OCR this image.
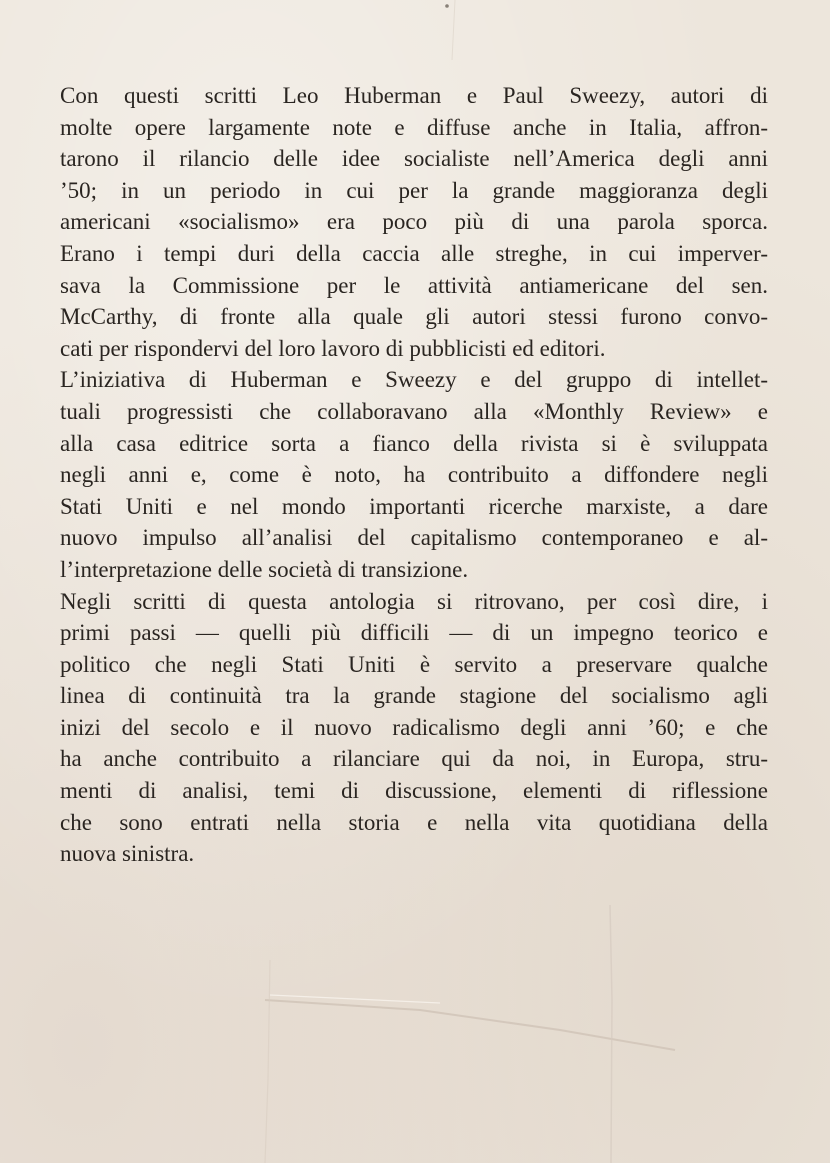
Con questi scritti Leo Huberman e Paul Sweezy, autori di
molte opere largamente note e diffuse anche in Italia, affron-
tarono il rilancio delle idee socialiste nell’America degli anni
’50; in un periodo in cui per la grande maggioranza degli
americani «socialismo» era poco più di una parola sporca.
Erano i tempi duri della caccia alle streghe, in cui imperver-
sava la Commissione per le attività antiamericane del sen.
McCarthy, di fronte alla quale gli autori stessi furono convo-
cati per rispondervi del loro lavoro di pubblicisti ed editori.
L’iniziativa di Huberman e Sweezy e del gruppo di intellet-
tuali progressisti che collaboravano alla «Monthly Review» e
alla casa editrice sorta a fianco della rivista si è sviluppata
negli anni e, come è noto, ha contribuito a diffondere negli
Stati Uniti e nel mondo importanti ricerche marxiste, a dare
nuovo impulso all’analisi del capitalismo contemporaneo e al-
l’interpretazione delle società di transizione.
Negli scritti di questa antologia si ritrovano, per così dire, i
primi passi — quelli più difficili — di un impegno teorico e
politico che negli Stati Uniti è servito a preservare qualche
linea di continuità tra la grande stagione del socialismo agli
inizi del secolo e il nuovo radicalismo degli anni ’60; e che
ha anche contribuito a rilanciare qui da noi, in Europa, stru-
menti di analisi, temi di discussione, elementi di riflessione
che sono entrati nella storia e nella vita quotidiana della
nuova sinistra.
